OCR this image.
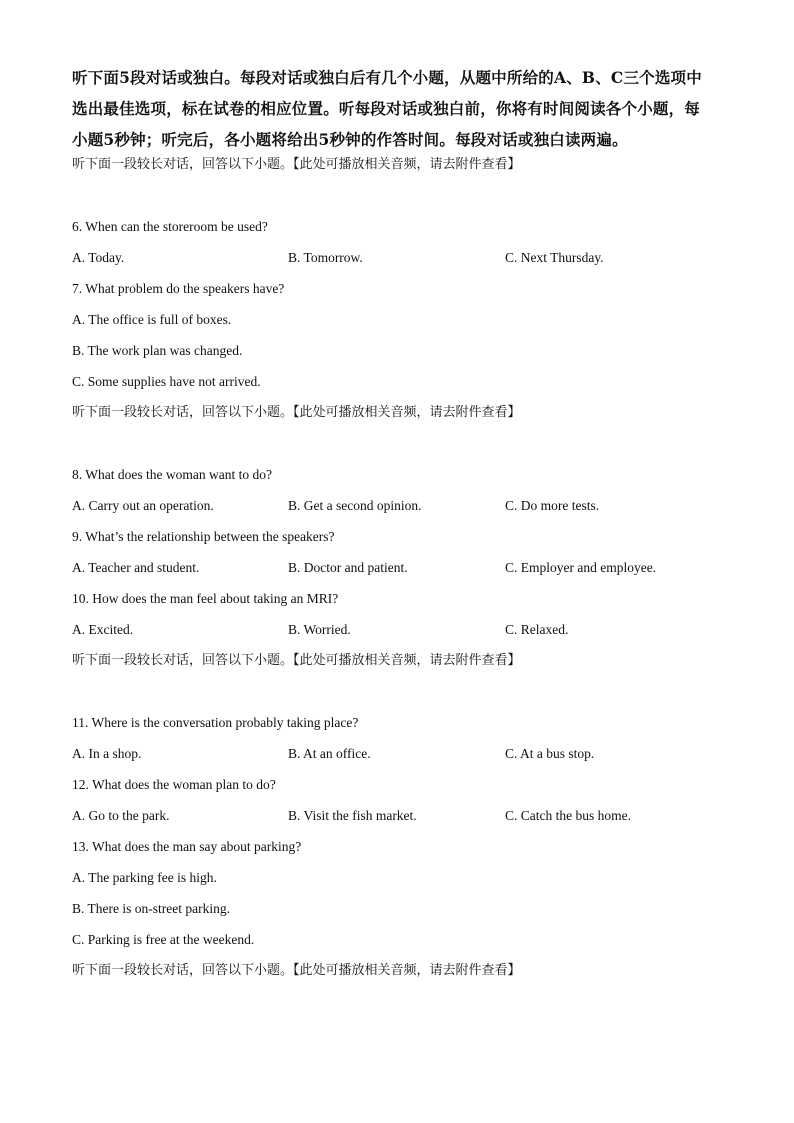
听下面5段对话或独白。每段对话或独白后有几个小题，从题中所给的A、B、C三个选项中

选出最佳选项，标在试卷的相应位置。听每段对话或独白前，你将有时间阅读各个小题，每

小题5秒钟；听完后，各小题将给出5秒钟的作答时间。每段对话或独白读两遍。

听下面一段较长对话，回答以下小题。【此处可播放相关音频，请去附件查看】

6. When can the storeroom be used?

A. Today.	B. Tomorrow.	C. Next Thursday.

7. What problem do the speakers have?

A. The office is full of boxes.

B. The work plan was changed.

C. Some supplies have not arrived.

听下面一段较长对话，回答以下小题。【此处可播放相关音频，请去附件查看】

8. What does the woman want to do?

A. Carry out an operation.	B. Get a second opinion.	C. Do more tests.

9. What’s the relationship between the speakers?

A. Teacher and student.	B. Doctor and patient.	C. Employer and employee.

10. How does the man feel about taking an MRI?

A. Excited.	B. Worried.	C. Relaxed.

听下面一段较长对话，回答以下小题。【此处可播放相关音频，请去附件查看】

11. Where is the conversation probably taking place?

A. In a shop.	B. At an office.	C. At a bus stop.

12. What does the woman plan to do?

A. Go to the park.	B. Visit the fish market.	C. Catch the bus home.

13. What does the man say about parking?

A. The parking fee is high.

B. There is on-street parking.

C. Parking is free at the weekend.

听下面一段较长对话，回答以下小题。【此处可播放相关音频，请去附件查看】
